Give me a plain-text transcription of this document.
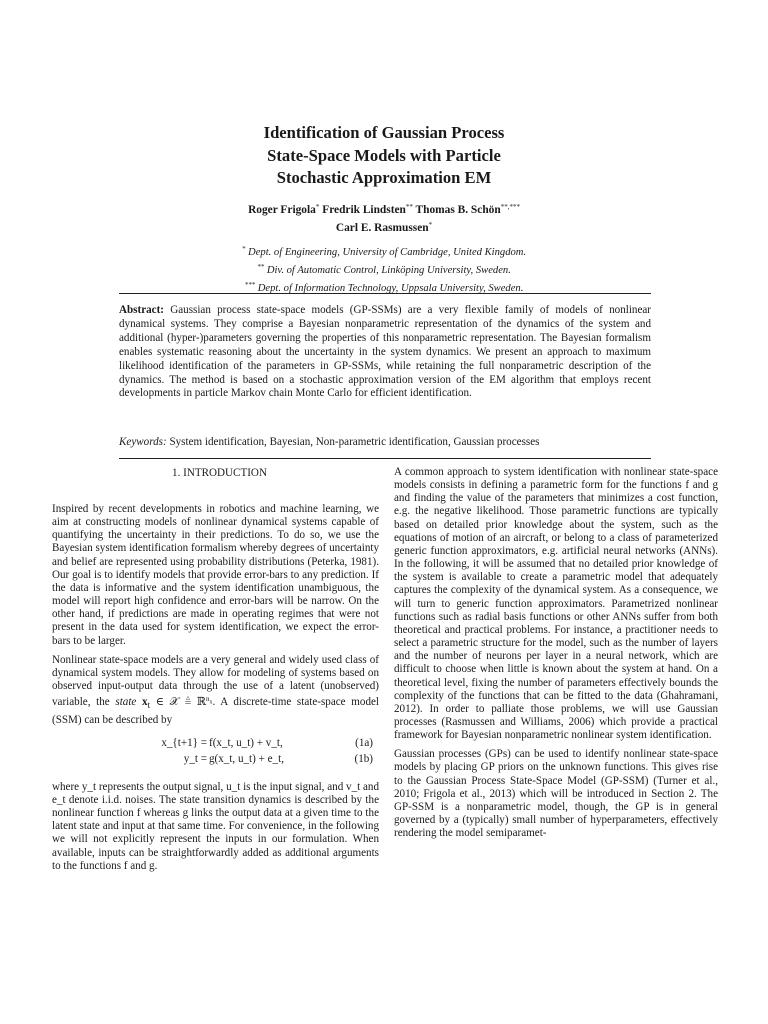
Identification of Gaussian Process
State-Space Models with Particle
Stochastic Approximation EM
Roger Frigola* Fredrik Lindsten** Thomas B. Schön**,***
Carl E. Rasmussen*
* Dept. of Engineering, University of Cambridge, United Kingdom.
** Div. of Automatic Control, Linköping University, Sweden.
*** Dept. of Information Technology, Uppsala University, Sweden.

Abstract: Gaussian process state-space models (GP-SSMs) are a very flexible family of models of nonlinear dynamical systems. They comprise a Bayesian nonparametric representation of the dynamics of the system and additional (hyper-)parameters governing the properties of this nonparametric representation. The Bayesian formalism enables systematic reasoning about the uncertainty in the system dynamics. We present an approach to maximum likelihood identification of the parameters in GP-SSMs, while retaining the full nonparametric description of the dynamics. The method is based on a stochastic approximation version of the EM algorithm that employs recent developments in particle Markov chain Monte Carlo for efficient identification.

Keywords: System identification, Bayesian, Non-parametric identification, Gaussian processes

1. INTRODUCTION

Inspired by recent developments in robotics and machine learning, we aim at constructing models of nonlinear dynamical systems capable of quantifying the uncertainty in their predictions. To do so, we use the Bayesian system identification formalism whereby degrees of uncertainty and belief are represented using probability distributions (Peterka, 1981). Our goal is to identify models that provide error-bars to any prediction. If the data is informative and the system identification unambiguous, the model will report high confidence and error-bars will be narrow. On the other hand, if predictions are made in operating regimes that were not present in the data used for system identification, we expect the error-bars to be larger.

Nonlinear state-space models are a very general and widely used class of dynamical system models. They allow for modeling of systems based on observed input-output data through the use of a latent (unobserved) variable, the state $x_t$ ∈ 𝒳 ≜ ℝ$^{n_x}$. A discrete-time state-space model (SSM) can be described by

x_{t+1} = f(x_t, u_t) + v_t,	(1a)
y_t = g(x_t, u_t) + e_t,	(1b)

where y_t represents the output signal, u_t is the input signal, and v_t and e_t denote i.i.d. noises. The state transition dynamics is described by the nonlinear function f whereas g links the output data at a given time to the latent state and input at that same time. For convenience, in the following we will not explicitly represent the inputs in our formulation. When available, inputs can be straightforwardly added as additional arguments to the functions f and g.

A common approach to system identification with nonlinear state-space models consists in defining a parametric form for the functions f and g and finding the value of the parameters that minimizes a cost function, e.g. the negative likelihood. Those parametric functions are typically based on detailed prior knowledge about the system, such as the equations of motion of an aircraft, or belong to a class of parameterized generic function approximators, e.g. artificial neural networks (ANNs). In the following, it will be assumed that no detailed prior knowledge of the system is available to create a parametric model that adequately captures the complexity of the dynamical system. As a consequence, we will turn to generic function approximators. Parametrized nonlinear functions such as radial basis functions or other ANNs suffer from both theoretical and practical problems. For instance, a practitioner needs to select a parametric structure for the model, such as the number of layers and the number of neurons per layer in a neural network, which are difficult to choose when little is known about the system at hand. On a theoretical level, fixing the number of parameters effectively bounds the complexity of the functions that can be fitted to the data (Ghahramani, 2012). In order to palliate those problems, we will use Gaussian processes (Rasmussen and Williams, 2006) which provide a practical framework for Bayesian nonparametric nonlinear system identification.

Gaussian processes (GPs) can be used to identify nonlinear state-space models by placing GP priors on the unknown functions. This gives rise to the Gaussian Process State-Space Model (GP-SSM) (Turner et al., 2010; Frigola et al., 2013) which will be introduced in Section 2. The GP-SSM is a nonparametric model, though, the GP is in general governed by a (typically) small number of hyperparameters, effectively rendering the model semiparamet-
